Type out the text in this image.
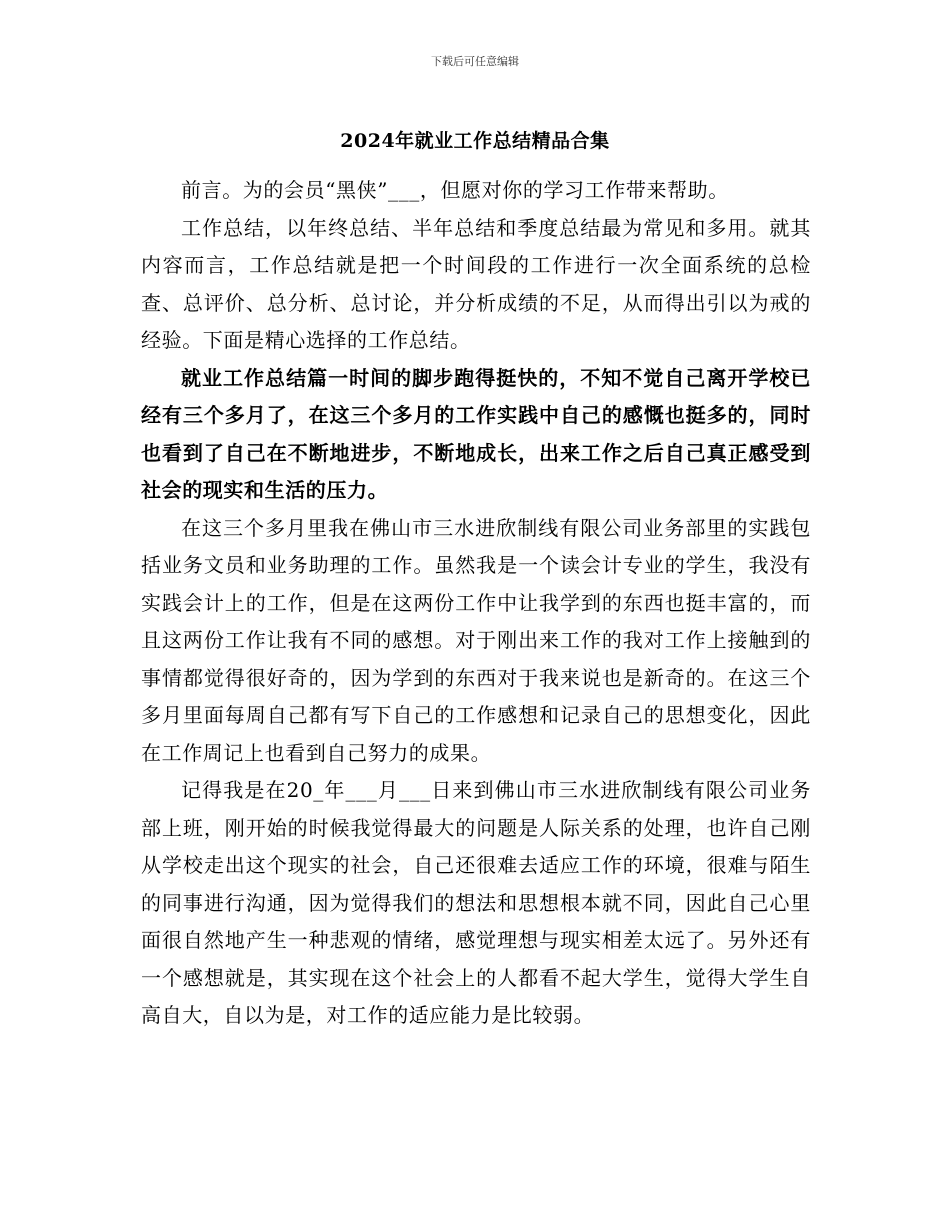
下载后可任意编辑
2024年就业工作总结精品合集

前言。为的会员“黑侠”___，但愿对你的学习工作带来帮助。

工作总结，以年终总结、半年总结和季度总结最为常见和多用。就其内容而言，工作总结就是把一个时间段的工作进行一次全面系统的总检查、总评价、总分析、总讨论，并分析成绩的不足，从而得出引以为戒的经验。下面是精心选择的工作总结。

就业工作总结篇一时间的脚步跑得挺快的，不知不觉自己离开学校已经有三个多月了，在这三个多月的工作实践中自己的感慨也挺多的，同时也看到了自己在不断地进步，不断地成长，出来工作之后自己真正感受到社会的现实和生活的压力。

在这三个多月里我在佛山市三水进欣制线有限公司业务部里的实践包括业务文员和业务助理的工作。虽然我是一个读会计专业的学生，我没有实践会计上的工作，但是在这两份工作中让我学到的东西也挺丰富的，而且这两份工作让我有不同的感想。对于刚出来工作的我对工作上接触到的事情都觉得很好奇的，因为学到的东西对于我来说也是新奇的。在这三个多月里面每周自己都有写下自己的工作感想和记录自己的思想变化，因此在工作周记上也看到自己努力的成果。

记得我是在20_年___月___日来到佛山市三水进欣制线有限公司业务部上班，刚开始的时候我觉得最大的问题是人际关系的处理，也许自己刚从学校走出这个现实的社会，自己还很难去适应工作的环境，很难与陌生的同事进行沟通，因为觉得我们的想法和思想根本就不同，因此自己心里面很自然地产生一种悲观的情绪，感觉理想与现实相差太远了。另外还有一个感想就是，其实现在这个社会上的人都看不起大学生，觉得大学生自高自大，自以为是，对工作的适应能力是比较弱。
